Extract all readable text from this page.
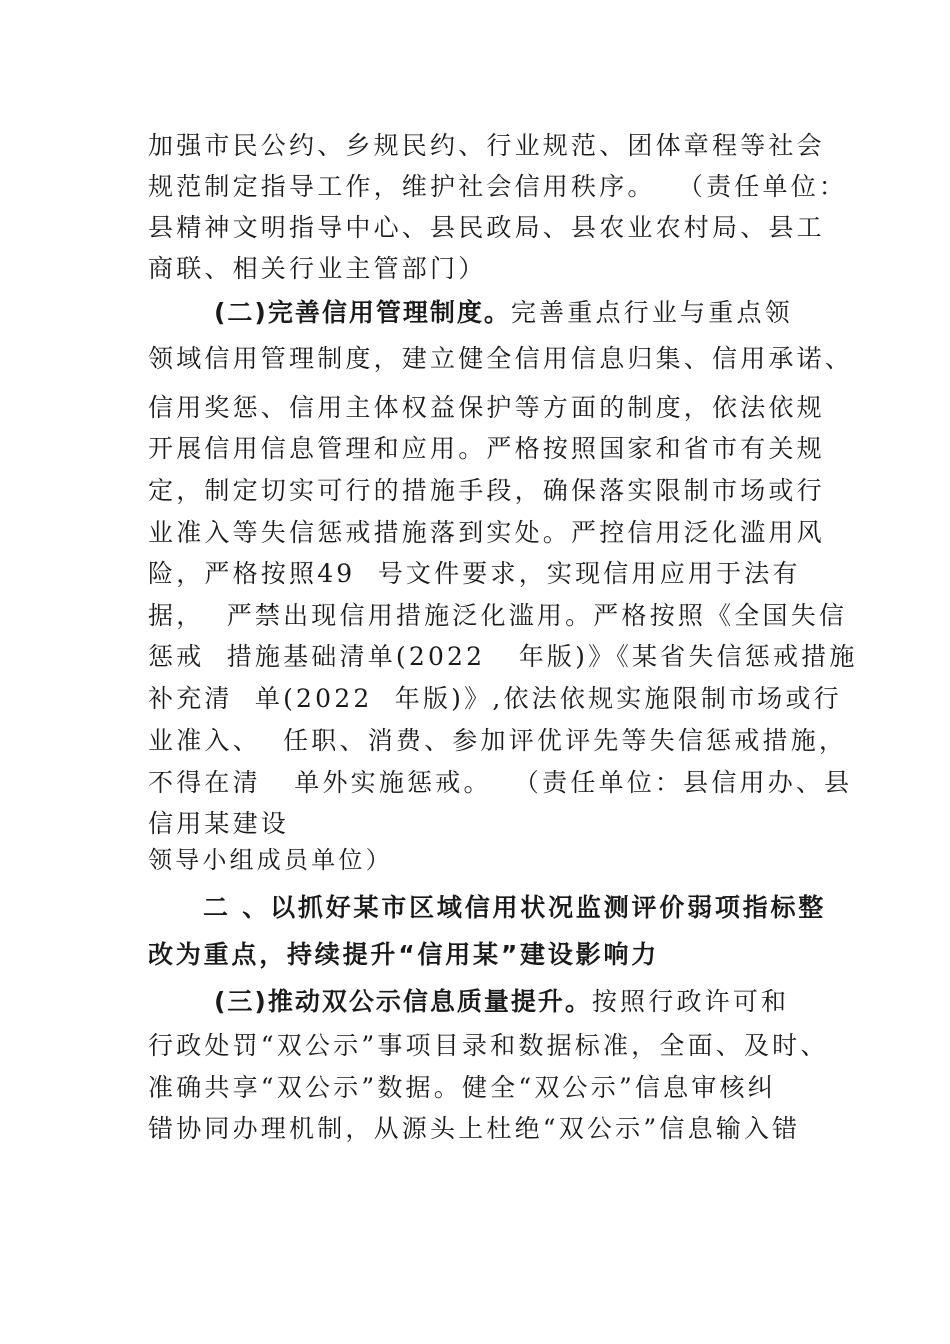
加强市民公约、乡规民约、行业规范、团体章程等社会
规范制定指导工作，维护社会信用秩序。  （责任单位：
县精神文明指导中心、县民政局、县农业农村局、县工
商联、相关行业主管部门）
(二)完善信用管理制度。完善重点行业与重点领
领域信用管理制度，建立健全信用信息归集、信用承诺、
信用奖惩、信用主体权益保护等方面的制度，依法依规
开展信用信息管理和应用。严格按照国家和省市有关规
定，制定切实可行的措施手段，确保落实限制市场或行
业准入等失信惩戒措施落到实处。严控信用泛化滥用风
险，严格按照49  号文件要求，实现信用应用于法有
据，  严禁出现信用措施泛化滥用。严格按照《全国失信
惩戒  措施基础清单(2022   年版)》《某省失信惩戒措施
补充清  单(2022  年版)》,依法依规实施限制市场或行
业准入、  任职、消费、参加评优评先等失信惩戒措施，
不得在清   单外实施惩戒。  （责任单位：县信用办、县
信用某建设
领导小组成员单位）
二 、以抓好某市区域信用状况监测评价弱项指标整
改为重点，持续提升“信用某”建设影响力
(三)推动双公示信息质量提升。按照行政许可和
行政处罚“双公示”事项目录和数据标准，全面、及时、
准确共享“双公示”数据。健全“双公示”信息审核纠
错协同办理机制，从源头上杜绝“双公示”信息输入错
